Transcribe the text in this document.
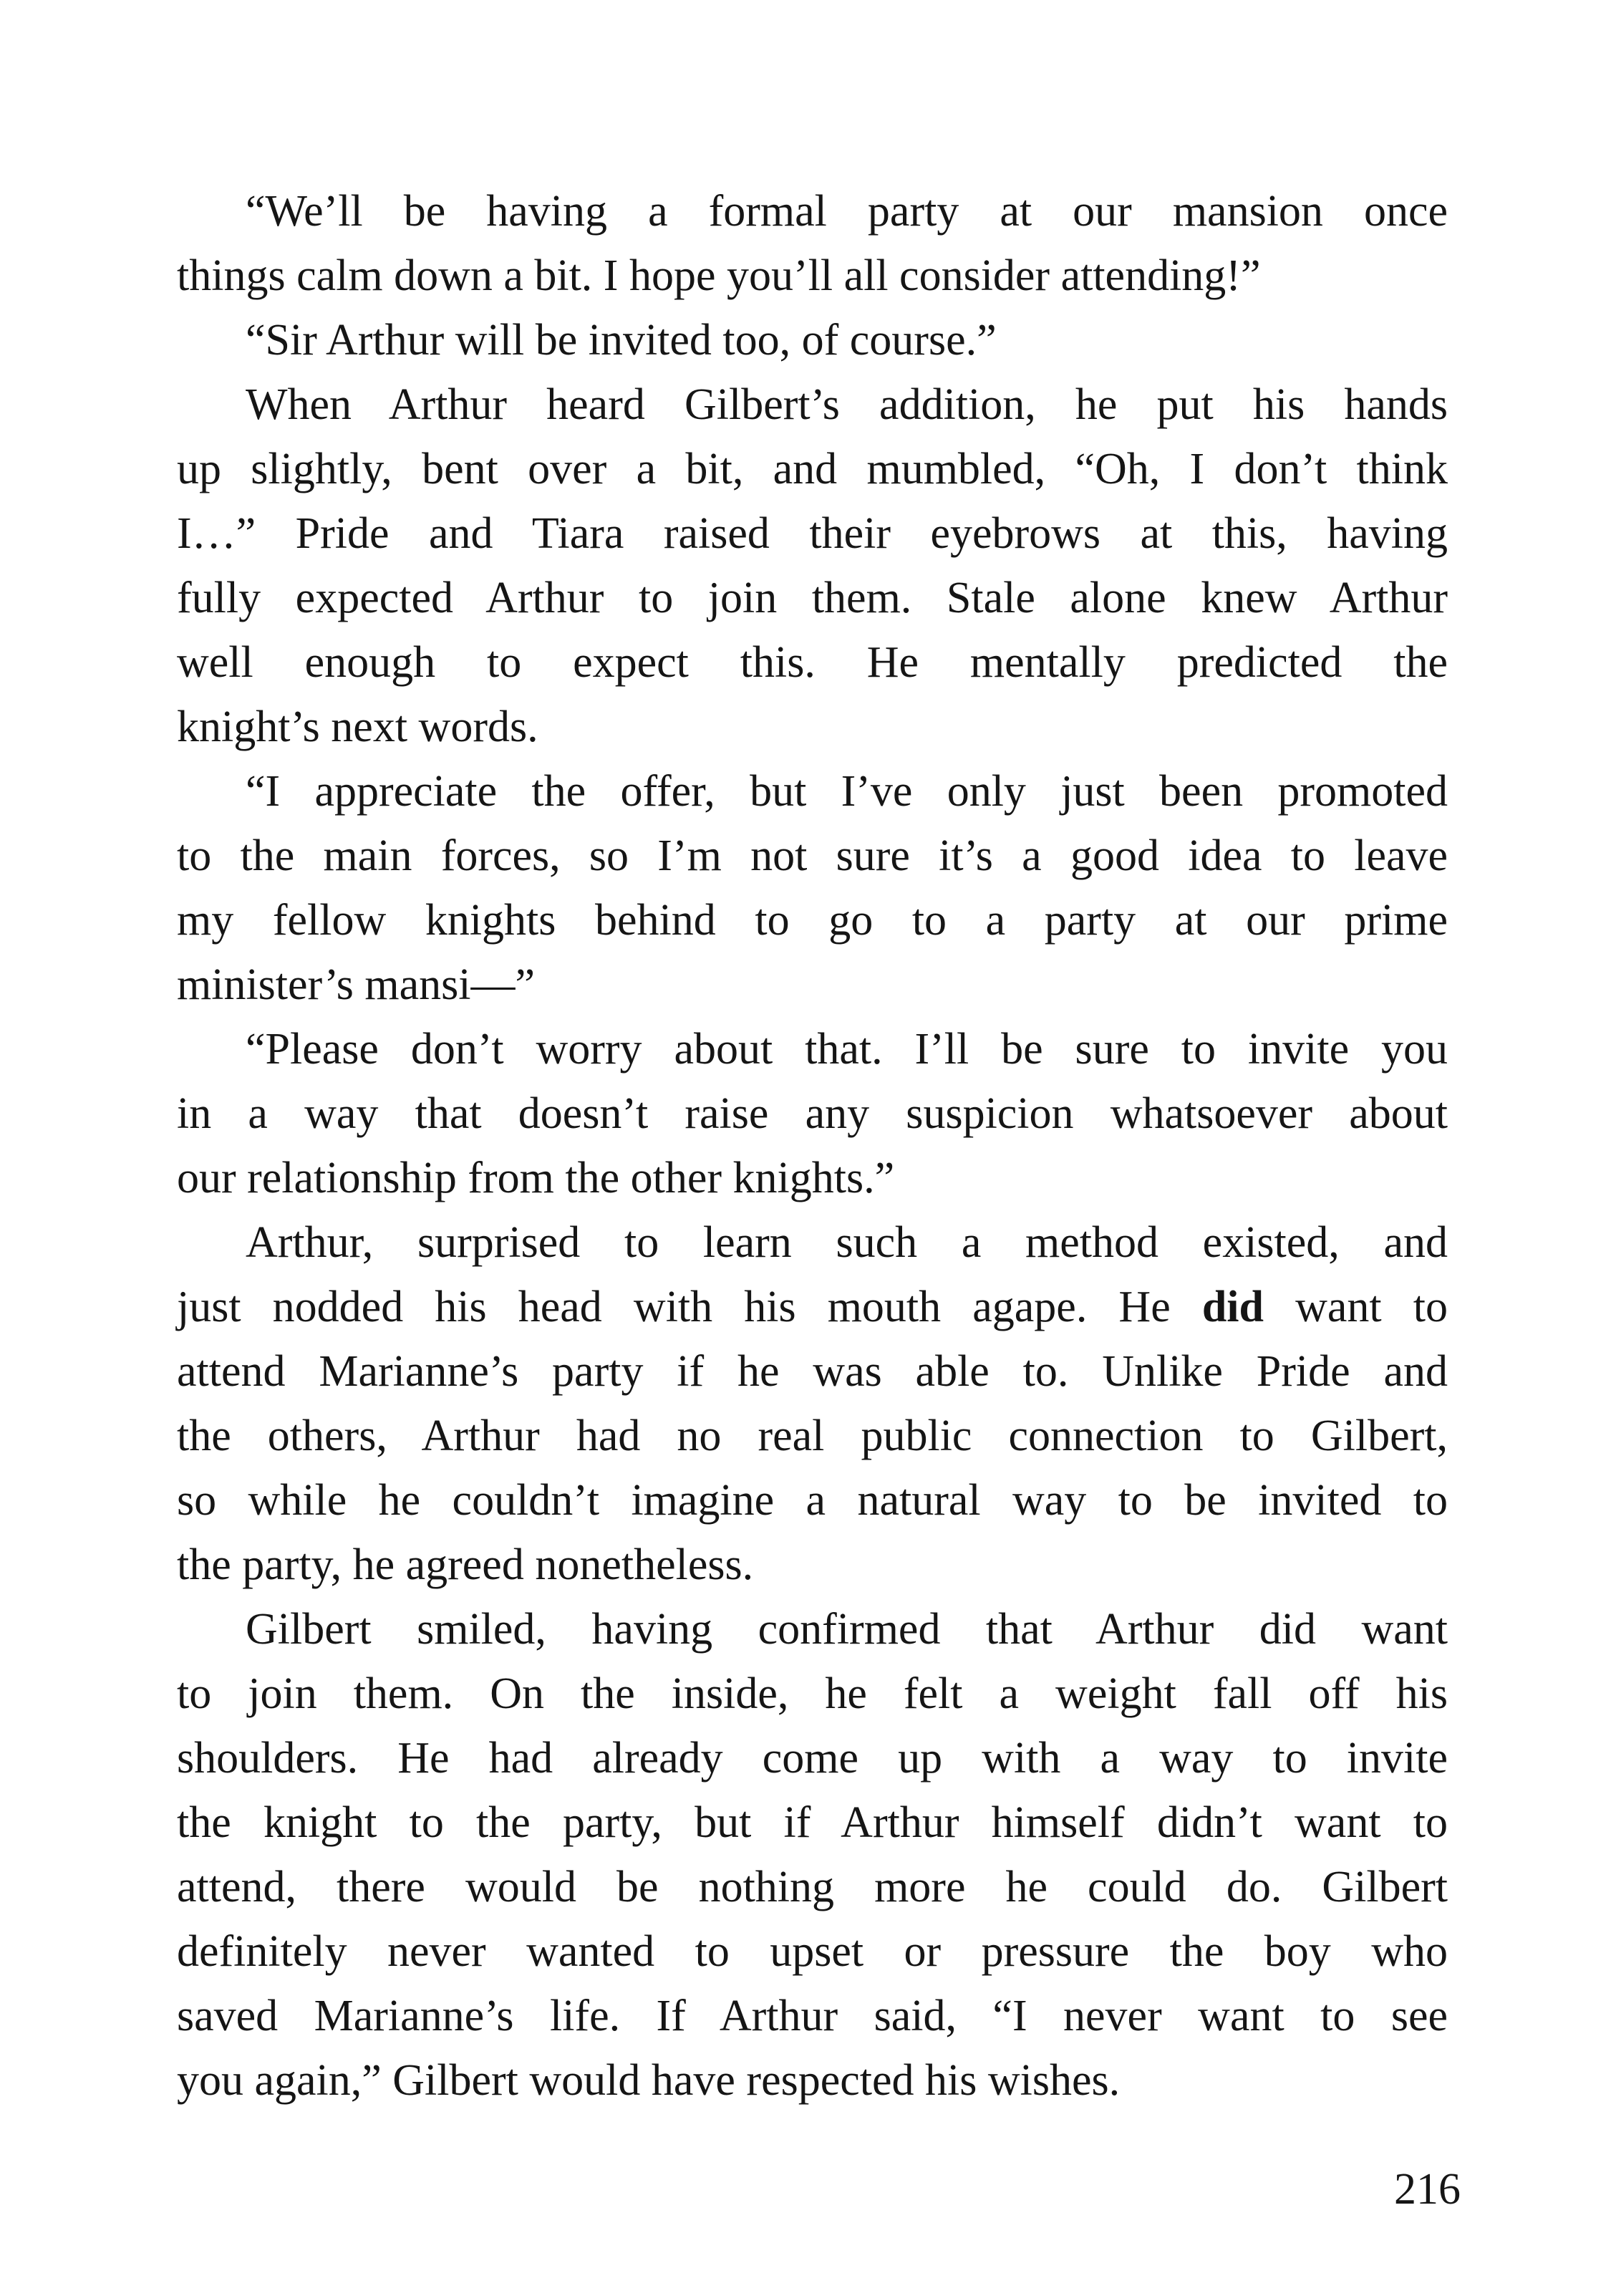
“We’ll be having a formal party at our mansion once
things calm down a bit. I hope you’ll all consider attending!”
“Sir Arthur will be invited too, of course.”
When Arthur heard Gilbert’s addition, he put his hands
up slightly, bent over a bit, and mumbled, “Oh, I don’t think
I…” Pride and Tiara raised their eyebrows at this, having
fully expected Arthur to join them. Stale alone knew Arthur
well enough to expect this. He mentally predicted the
knight’s next words.
“I appreciate the offer, but I’ve only just been promoted
to the main forces, so I’m not sure it’s a good idea to leave
my fellow knights behind to go to a party at our prime
minister’s mansi—”
“Please don’t worry about that. I’ll be sure to invite you
in a way that doesn’t raise any suspicion whatsoever about
our relationship from the other knights.”
Arthur, surprised to learn such a method existed, and
just nodded his head with his mouth agape. He did want to
attend Marianne’s party if he was able to. Unlike Pride and
the others, Arthur had no real public connection to Gilbert,
so while he couldn’t imagine a natural way to be invited to
the party, he agreed nonetheless.
Gilbert smiled, having confirmed that Arthur did want
to join them. On the inside, he felt a weight fall off his
shoulders. He had already come up with a way to invite
the knight to the party, but if Arthur himself didn’t want to
attend, there would be nothing more he could do. Gilbert
definitely never wanted to upset or pressure the boy who
saved Marianne’s life. If Arthur said, “I never want to see
you again,” Gilbert would have respected his wishes.
216
